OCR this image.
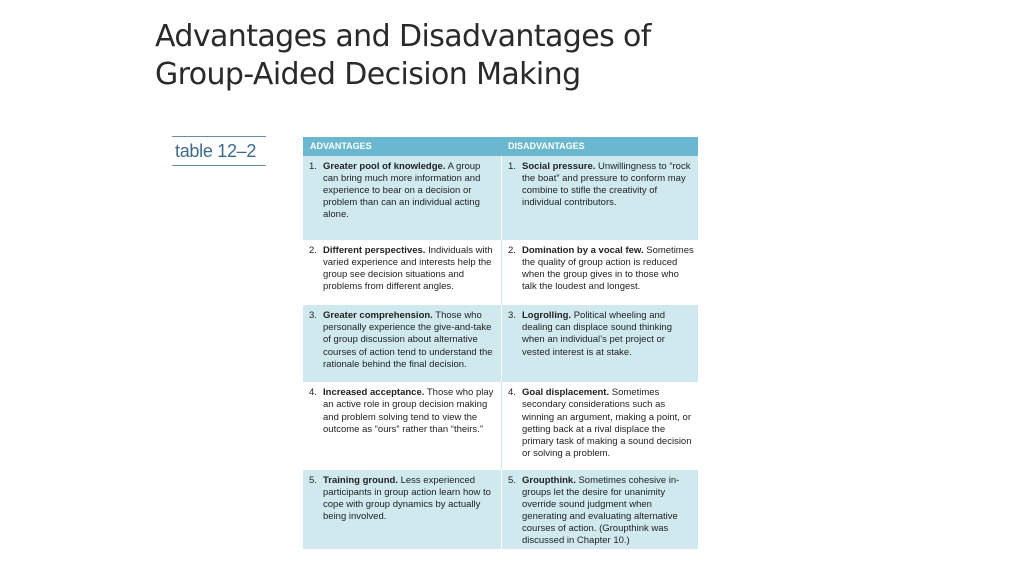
Advantages and Disadvantages of
Group-Aided Decision Making
table 12–2	ADVANTAGES	DISADVANTAGES
1. Greater pool of knowledge. A group can bring much more information and experience to bear on a decision or problem than can an individual acting alone.
1. Social pressure. Unwillingness to “rock the boat” and pressure to conform may combine to stifle the creativity of individual contributors.
2. Different perspectives. Individuals with varied experience and interests help the group see decision situations and problems from different angles.
2. Domination by a vocal few. Sometimes the quality of group action is reduced when the group gives in to those who talk the loudest and longest.
3. Greater comprehension. Those who personally experience the give-and-take of group discussion about alternative courses of action tend to understand the rationale behind the final decision.
3. Logrolling. Political wheeling and dealing can displace sound thinking when an individual’s pet project or vested interest is at stake.
4. Increased acceptance. Those who play an active role in group decision making and problem solving tend to view the outcome as “ours” rather than “theirs.”
4. Goal displacement. Sometimes secondary considerations such as winning an argument, making a point, or getting back at a rival displace the primary task of making a sound decision or solving a problem.
5. Training ground. Less experienced participants in group action learn how to cope with group dynamics by actually being involved.
5. Groupthink. Sometimes cohesive in-groups let the desire for unanimity override sound judgment when generating and evaluating alternative courses of action. (Groupthink was discussed in Chapter 10.)
